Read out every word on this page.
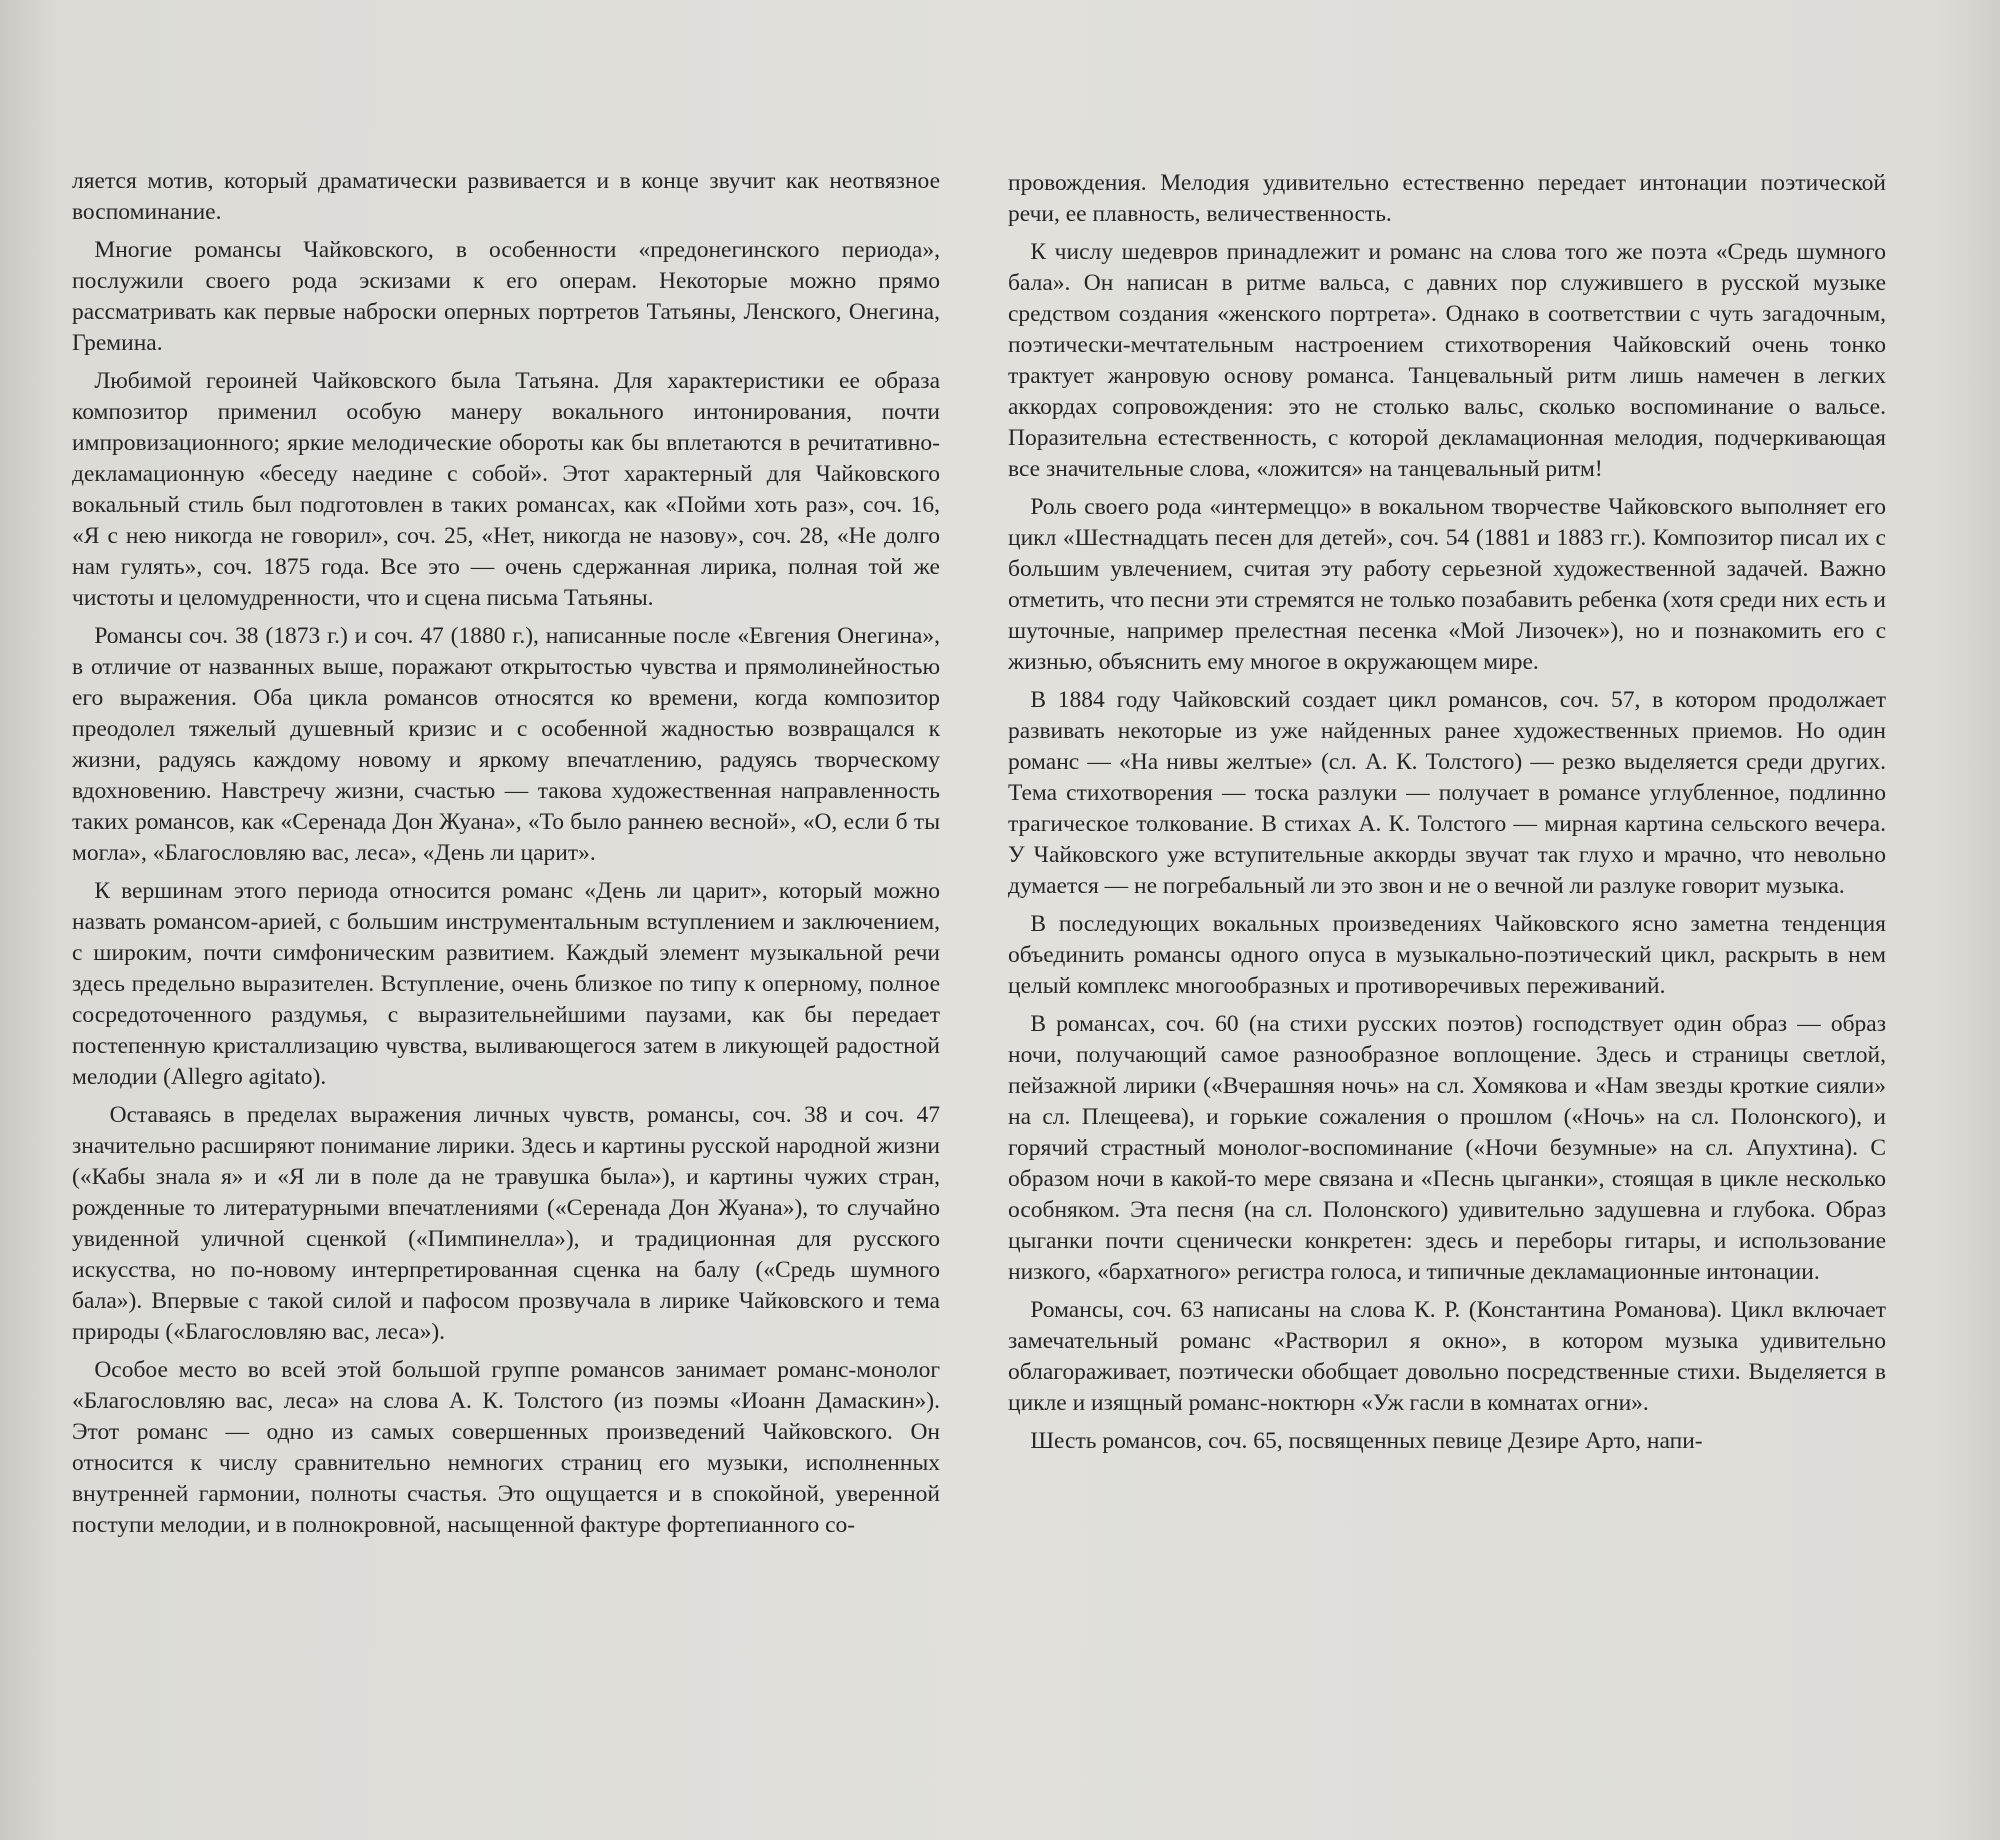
ляется мотив, который драматически развивается и в конце звучит как неотвязное воспоминание.

Многие романсы Чайковского, в особенности «предонегинского периода», послужили своего рода эскизами к его операм. Некоторые можно прямо рассматривать как первые наброски оперных портретов Татьяны, Ленского, Онегина, Гремина.

Любимой героиней Чайковского была Татьяна. Для характеристики ее образа композитор применил особую манеру вокального интонирования, почти импровизационного; яркие мелодические обороты как бы вплетаются в речитативно-декламационную «беседу наедине с собой». Этот характерный для Чайковского вокальный стиль был подготовлен в таких романсах, как «Пойми хоть раз», соч. 16, «Я с нею никогда не говорил», соч. 25, «Нет, никогда не назову», соч. 28, «Не долго нам гулять», соч. 1875 года. Все это — очень сдержанная лирика, полная той же чистоты и целомудренности, что и сцена письма Татьяны.

Романсы соч. 38 (1873 г.) и соч. 47 (1880 г.), написанные после «Евгения Онегина», в отличие от названных выше, поражают открытостью чувства и прямолинейностью его выражения. Оба цикла романсов относятся ко времени, когда композитор преодолел тяжелый душевный кризис и с особенной жадностью возвращался к жизни, радуясь каждому новому и яркому впечатлению, радуясь творческому вдохновению. Навстречу жизни, счастью — такова художественная направленность таких романсов, как «Серенада Дон Жуана», «То было раннею весной», «О, если б ты могла», «Благословляю вас, леса», «День ли царит».

К вершинам этого периода относится романс «День ли царит», который можно назвать романсом-арией, с большим инструментальным вступлением и заключением, с широким, почти симфоническим развитием. Каждый элемент музыкальной речи здесь предельно выразителен. Вступление, очень близкое по типу к оперному, полное сосредоточенного раздумья, с выразительнейшими паузами, как бы передает постепенную кристаллизацию чувства, выливающегося затем в ликующей радостной мелодии (Allegro agitato).

Оставаясь в пределах выражения личных чувств, романсы, соч. 38 и соч. 47 значительно расширяют понимание лирики. Здесь и картины русской народной жизни («Кабы знала я» и «Я ли в поле да не травушка была»), и картины чужих стран, рожденные то литературными впечатлениями («Серенада Дон Жуана»), то случайно увиденной уличной сценкой («Пимпинелла»), и традиционная для русского искусства, но по-новому интерпретированная сценка на балу («Средь шумного бала»). Впервые с такой силой и пафосом прозвучала в лирике Чайковского и тема природы («Благословляю вас, леса»).

Особое место во всей этой большой группе романсов занимает романс-монолог «Благословляю вас, леса» на слова А. К. Толстого (из поэмы «Иоанн Дамаскин»). Этот романс — одно из самых совершенных произведений Чайковского. Он относится к числу сравнительно немногих страниц его музыки, исполненных внутренней гармонии, полноты счастья. Это ощущается и в спокойной, уверенной поступи мелодии, и в полнокровной, насыщенной фактуре фортепианного со-

провождения. Мелодия удивительно естественно передает интонации поэтической речи, ее плавность, величественность.

К числу шедевров принадлежит и романс на слова того же поэта «Средь шумного бала». Он написан в ритме вальса, с давних пор служившего в русской музыке средством создания «женского портрета». Однако в соответствии с чуть загадочным, поэтически-мечтательным настроением стихотворения Чайковский очень тонко трактует жанровую основу романса. Танцевальный ритм лишь намечен в легких аккордах сопровождения: это не столько вальс, сколько воспоминание о вальсе. Поразительна естественность, с которой декламационная мелодия, подчеркивающая все значительные слова, «ложится» на танцевальный ритм!

Роль своего рода «интермеццо» в вокальном творчестве Чайковского выполняет его цикл «Шестнадцать песен для детей», соч. 54 (1881 и 1883 гг.). Композитор писал их с большим увлечением, считая эту работу серьезной художественной задачей. Важно отметить, что песни эти стремятся не только позабавить ребенка (хотя среди них есть и шуточные, например прелестная песенка «Мой Лизочек»), но и познакомить его с жизнью, объяснить ему многое в окружающем мире.

В 1884 году Чайковский создает цикл романсов, соч. 57, в котором продолжает развивать некоторые из уже найденных ранее художественных приемов. Но один романс — «На нивы желтые» (сл. А. К. Толстого) — резко выделяется среди других. Тема стихотворения — тоска разлуки — получает в романсе углубленное, подлинно трагическое толкование. В стихах А. К. Толстого — мирная картина сельского вечера. У Чайковского уже вступительные аккорды звучат так глухо и мрачно, что невольно думается — не погребальный ли это звон и не о вечной ли разлуке говорит музыка.

В последующих вокальных произведениях Чайковского ясно заметна тенденция объединить романсы одного опуса в музыкально-поэтический цикл, раскрыть в нем целый комплекс многообразных и противоречивых переживаний.

В романсах, соч. 60 (на стихи русских поэтов) господствует один образ — образ ночи, получающий самое разнообразное воплощение. Здесь и страницы светлой, пейзажной лирики («Вчерашняя ночь» на сл. Хомякова и «Нам звезды кроткие сияли» на сл. Плещеева), и горькие сожаления о прошлом («Ночь» на сл. Полонского), и горячий страстный монолог-воспоминание («Ночи безумные» на сл. Апухтина). С образом ночи в какой-то мере связана и «Песнь цыганки», стоящая в цикле несколько особняком. Эта песня (на сл. Полонского) удивительно задушевна и глубока. Образ цыганки почти сценически конкретен: здесь и переборы гитары, и использование низкого, «бархатного» регистра голоса, и типичные декламационные интонации.

Романсы, соч. 63 написаны на слова К. Р. (Константина Романова). Цикл включает замечательный романс «Растворил я окно», в котором музыка удивительно облагораживает, поэтически обобщает довольно посредственные стихи. Выделяется в цикле и изящный романс-ноктюрн «Уж гасли в комнатах огни».

Шесть романсов, соч. 65, посвященных певице Дезире Арто, напи-
